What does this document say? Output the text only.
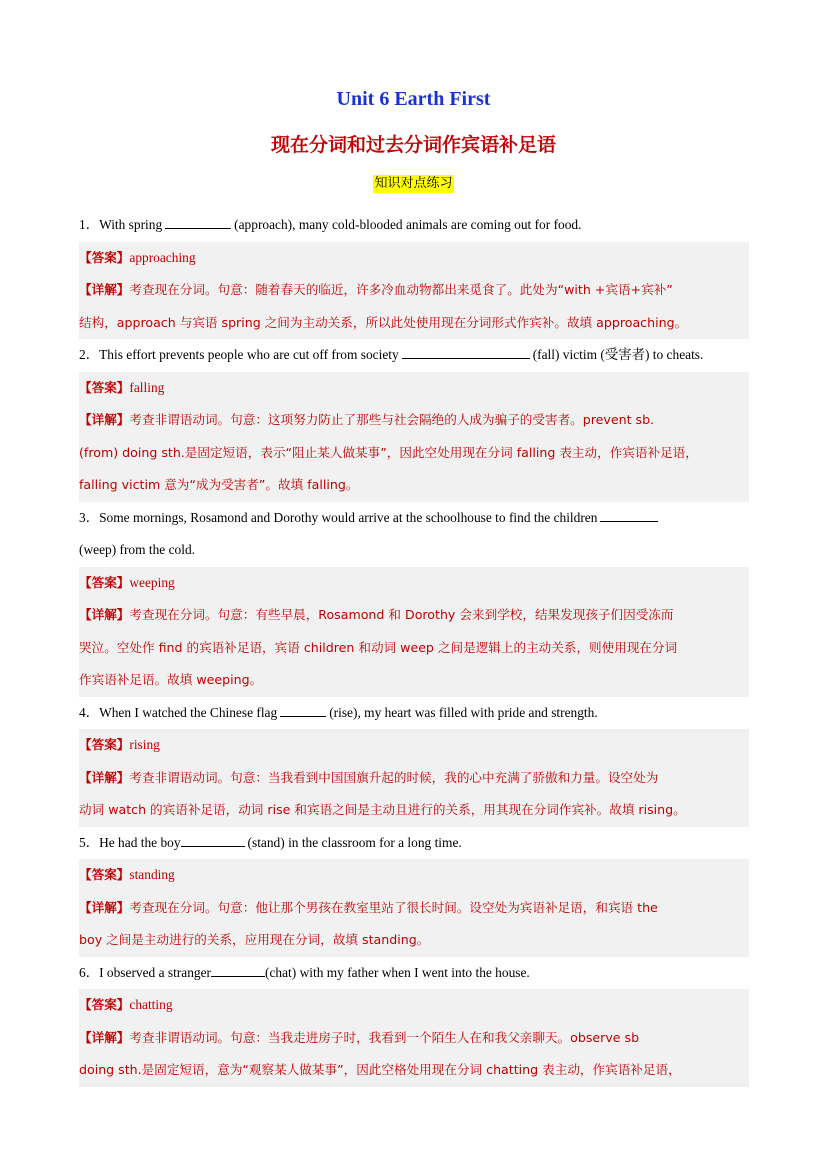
Unit 6 Earth First
现在分词和过去分词作宾语补足语
知识对点练习
1．With spring	(approach), many cold-blooded animals are coming out for food.
【答案】approaching
【详解】考查现在分词。句意：随着春天的临近，许多冷血动物都出来觅食了。此处为“with +宾语+宾补”
结构，approach 与宾语 spring 之间为主动关系，所以此处使用现在分词形式作宾补。故填 approaching。
2．This effort prevents people who are cut off from society	(fall) victim (受害者) to cheats.
【答案】falling
【详解】考查非谓语动词。句意：这项努力防止了那些与社会隔绝的人成为骗子的受害者。prevent sb.
(from) doing sth.是固定短语，表示“阻止某人做某事”，因此空处用现在分词 falling 表主动，作宾语补足语，
falling victim 意为“成为受害者”。故填 falling。
3．Some mornings, Rosamond and Dorothy would arrive at the schoolhouse to find the children
(weep) from the cold.
【答案】weeping
【详解】考查现在分词。句意：有些早晨，Rosamond 和 Dorothy 会来到学校，结果发现孩子们因受冻而
哭泣。空处作 find 的宾语补足语，宾语 children 和动词 weep 之间是逻辑上的主动关系，则使用现在分词
作宾语补足语。故填 weeping。
4．When I watched the Chinese flag	(rise), my heart was filled with pride and strength.
【答案】rising
【详解】考查非谓语动词。句意：当我看到中国国旗升起的时候，我的心中充满了骄傲和力量。设空处为
动词 watch 的宾语补足语，动词 rise 和宾语之间是主动且进行的关系，用其现在分词作宾补。故填 rising。
5．He had the boy	(stand) in the classroom for a long time.
【答案】standing
【详解】考查现在分词。句意：他让那个男孩在教室里站了很长时间。设空处为宾语补足语，和宾语 the
boy 之间是主动进行的关系，应用现在分词，故填 standing。
6．I observed a stranger	(chat) with my father when I went into the house.
【答案】chatting
【详解】考查非谓语动词。句意：当我走进房子时，我看到一个陌生人在和我父亲聊天。observe sb
doing sth.是固定短语，意为“观察某人做某事”，因此空格处用现在分词 chatting 表主动，作宾语补足语，
